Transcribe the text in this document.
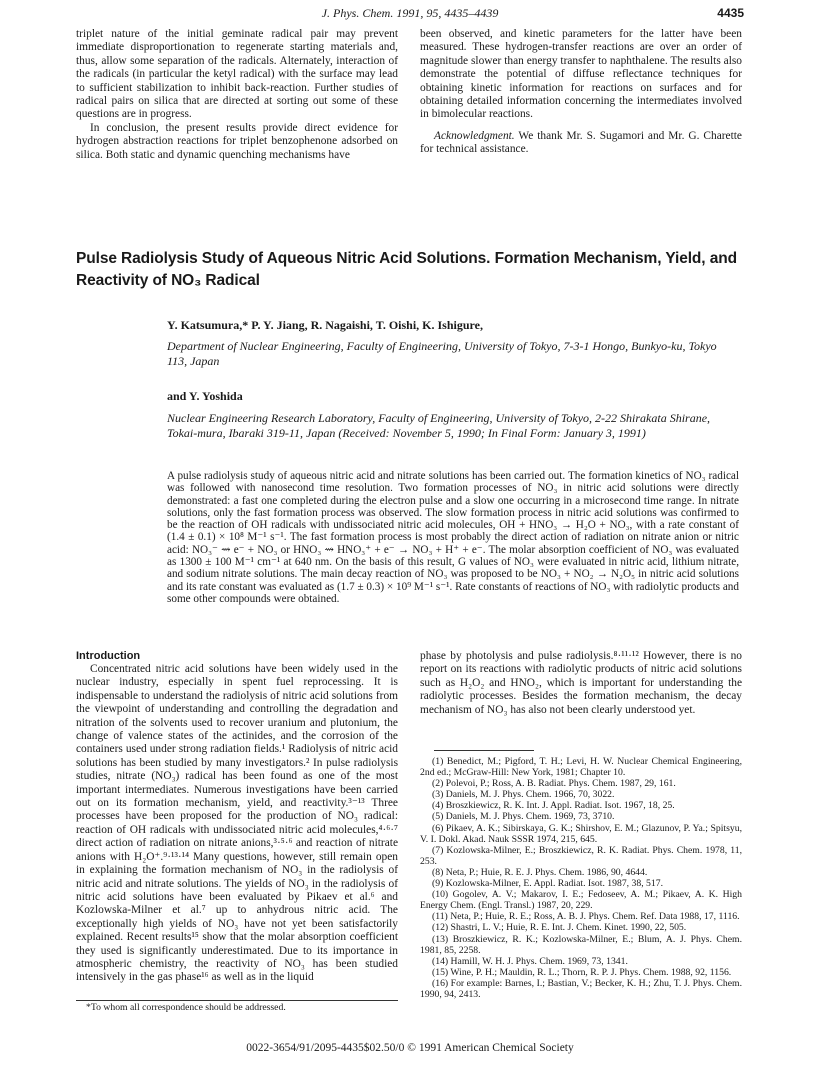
J. Phys. Chem. 1991, 95, 4435–4439	4435

triplet nature of the initial geminate radical pair may prevent immediate disproportionation to regenerate starting materials and, thus, allow some separation of the radicals. Alternately, interaction of the radicals (in particular the ketyl radical) with the surface may lead to sufficient stabilization to inhibit back-reaction. Further studies of radical pairs on silica that are directed at sorting out some of these questions are in progress.

In conclusion, the present results provide direct evidence for hydrogen abstraction reactions for triplet benzophenone adsorbed on silica. Both static and dynamic quenching mechanisms have

been observed, and kinetic parameters for the latter have been measured. These hydrogen-transfer reactions are over an order of magnitude slower than energy transfer to naphthalene. The results also demonstrate the potential of diffuse reflectance techniques for obtaining kinetic information for reactions on surfaces and for obtaining detailed information concerning the intermediates involved in bimolecular reactions.

Acknowledgment. We thank Mr. S. Sugamori and Mr. G. Charette for technical assistance.

Pulse Radiolysis Study of Aqueous Nitric Acid Solutions. Formation Mechanism, Yield, and Reactivity of NO₃ Radical
Y. Katsumura,* P. Y. Jiang, R. Nagaishi, T. Oishi, K. Ishigure,
Department of Nuclear Engineering, Faculty of Engineering, University of Tokyo, 7-3-1 Hongo, Bunkyo-ku, Tokyo 113, Japan
and Y. Yoshida
Nuclear Engineering Research Laboratory, Faculty of Engineering, University of Tokyo, 2-22 Shirakata Shirane, Tokai-mura, Ibaraki 319-11, Japan (Received: November 5, 1990; In Final Form: January 3, 1991)

A pulse radiolysis study of aqueous nitric acid and nitrate solutions has been carried out. The formation kinetics of NO₃ radical was followed with nanosecond time resolution. Two formation processes of NO₃ in nitric acid solutions were directly demonstrated: a fast one completed during the electron pulse and a slow one occurring in a microsecond time range. In nitrate solutions, only the fast formation process was observed. The slow formation process in nitric acid solutions was confirmed to be the reaction of OH radicals with undissociated nitric acid molecules, OH + HNO₃ → H₂O + NO₃, with a rate constant of (1.4 ± 0.1) × 10⁸ M⁻¹ s⁻¹. The fast formation process is most probably the direct action of radiation on nitrate anion or nitric acid: NO₃⁻ ⇝ e⁻ + NO₃ or HNO₃ ⇝ HNO₃⁺ + e⁻ → NO₃ + H⁺ + e⁻. The molar absorption coefficient of NO₃ was evaluated as 1300 ± 100 M⁻¹ cm⁻¹ at 640 nm. On the basis of this result, G values of NO₃ were evaluated in nitric acid, lithium nitrate, and sodium nitrate solutions. The main decay reaction of NO₃ was proposed to be NO₃ + NO₂ → N₂O₅ in nitric acid solutions and its rate constant was evaluated as (1.7 ± 0.3) × 10⁹ M⁻¹ s⁻¹. Rate constants of reactions of NO₃ with radiolytic products and some other compounds were obtained.

Introduction

Concentrated nitric acid solutions have been widely used in the nuclear industry, especially in spent fuel reprocessing. It is indispensable to understand the radiolysis of nitric acid solutions from the viewpoint of understanding and controlling the degradation and nitration of the solvents used to recover uranium and plutonium, the change of valence states of the actinides, and the corrosion of the containers used under strong radiation fields.¹ Radiolysis of nitric acid solutions has been studied by many investigators.² In pulse radiolysis studies, nitrate (NO₃) radical has been found as one of the most important intermediates. Numerous investigations have been carried out on its formation mechanism, yield, and reactivity.³⁻¹³ Three processes have been proposed for the production of NO₃ radical: reaction of OH radicals with undissociated nitric acid molecules,⁴·⁶·⁷ direct action of radiation on nitrate anions,³·⁵·⁶ and reaction of nitrate anions with H₂O⁺.⁹·¹³·¹⁴ Many questions, however, still remain open in explaining the formation mechanism of NO₃ in the radiolysis of nitric acid and nitrate solutions. The yields of NO₃ in the radiolysis of nitric acid solutions have been evaluated by Pikaev et al.⁶ and Kozlowska-Milner et al.⁷ up to anhydrous nitric acid. The exceptionally high yields of NO₃ have not yet been satisfactorily explained. Recent results¹⁵ show that the molar absorption coefficient they used is significantly underestimated. Due to its importance in atmospheric chemistry, the reactivity of NO₃ has been studied intensively in the gas phase¹⁶ as well as in the liquid

phase by photolysis and pulse radiolysis.⁸·¹¹·¹² However, there is no report on its reactions with radiolytic products of nitric acid solutions such as H₂O₂ and HNO₂, which is important for understanding the radiolytic processes. Besides the formation mechanism, the decay mechanism of NO₃ has also not been clearly understood yet.

(1) Benedict, M.; Pigford, T. H.; Levi, H. W. Nuclear Chemical Engineering, 2nd ed.; McGraw-Hill: New York, 1981; Chapter 10.

(2) Polevoi, P.; Ross, A. B. Radiat. Phys. Chem. 1987, 29, 161.

(3) Daniels, M. J. Phys. Chem. 1966, 70, 3022.

(4) Broszkiewicz, R. K. Int. J. Appl. Radiat. Isot. 1967, 18, 25.

(5) Daniels, M. J. Phys. Chem. 1969, 73, 3710.

(6) Pikaev, A. K.; Sibirskaya, G. K.; Shirshov, E. M.; Glazunov, P. Ya.; Spitsyu, V. I. Dokl. Akad. Nauk SSSR 1974, 215, 645.

(7) Kozlowska-Milner, E.; Broszkiewicz, R. K. Radiat. Phys. Chem. 1978, 11, 253.

(8) Neta, P.; Huie, R. E. J. Phys. Chem. 1986, 90, 4644.

(9) Kozlowska-Milner, E. Appl. Radiat. Isot. 1987, 38, 517.

(10) Gogolev, A. V.; Makarov, I. E.; Fedoseev, A. M.; Pikaev, A. K. High Energy Chem. (Engl. Transl.) 1987, 20, 229.

(11) Neta, P.; Huie, R. E.; Ross, A. B. J. Phys. Chem. Ref. Data 1988, 17, 1116.

(12) Shastri, L. V.; Huie, R. E. Int. J. Chem. Kinet. 1990, 22, 505.

(13) Broszkiewicz, R. K.; Kozlowska-Milner, E.; Blum, A. J. Phys. Chem. 1981, 85, 2258.

(14) Hamill, W. H. J. Phys. Chem. 1969, 73, 1341.

(15) Wine, P. H.; Mauldin, R. L.; Thorn, R. P. J. Phys. Chem. 1988, 92, 1156.

(16) For example: Barnes, I.; Bastian, V.; Becker, K. H.; Zhu, T. J. Phys. Chem. 1990, 94, 2413.

*To whom all correspondence should be addressed.
0022-3654/91/2095-4435$02.50/0 © 1991 American Chemical Society
